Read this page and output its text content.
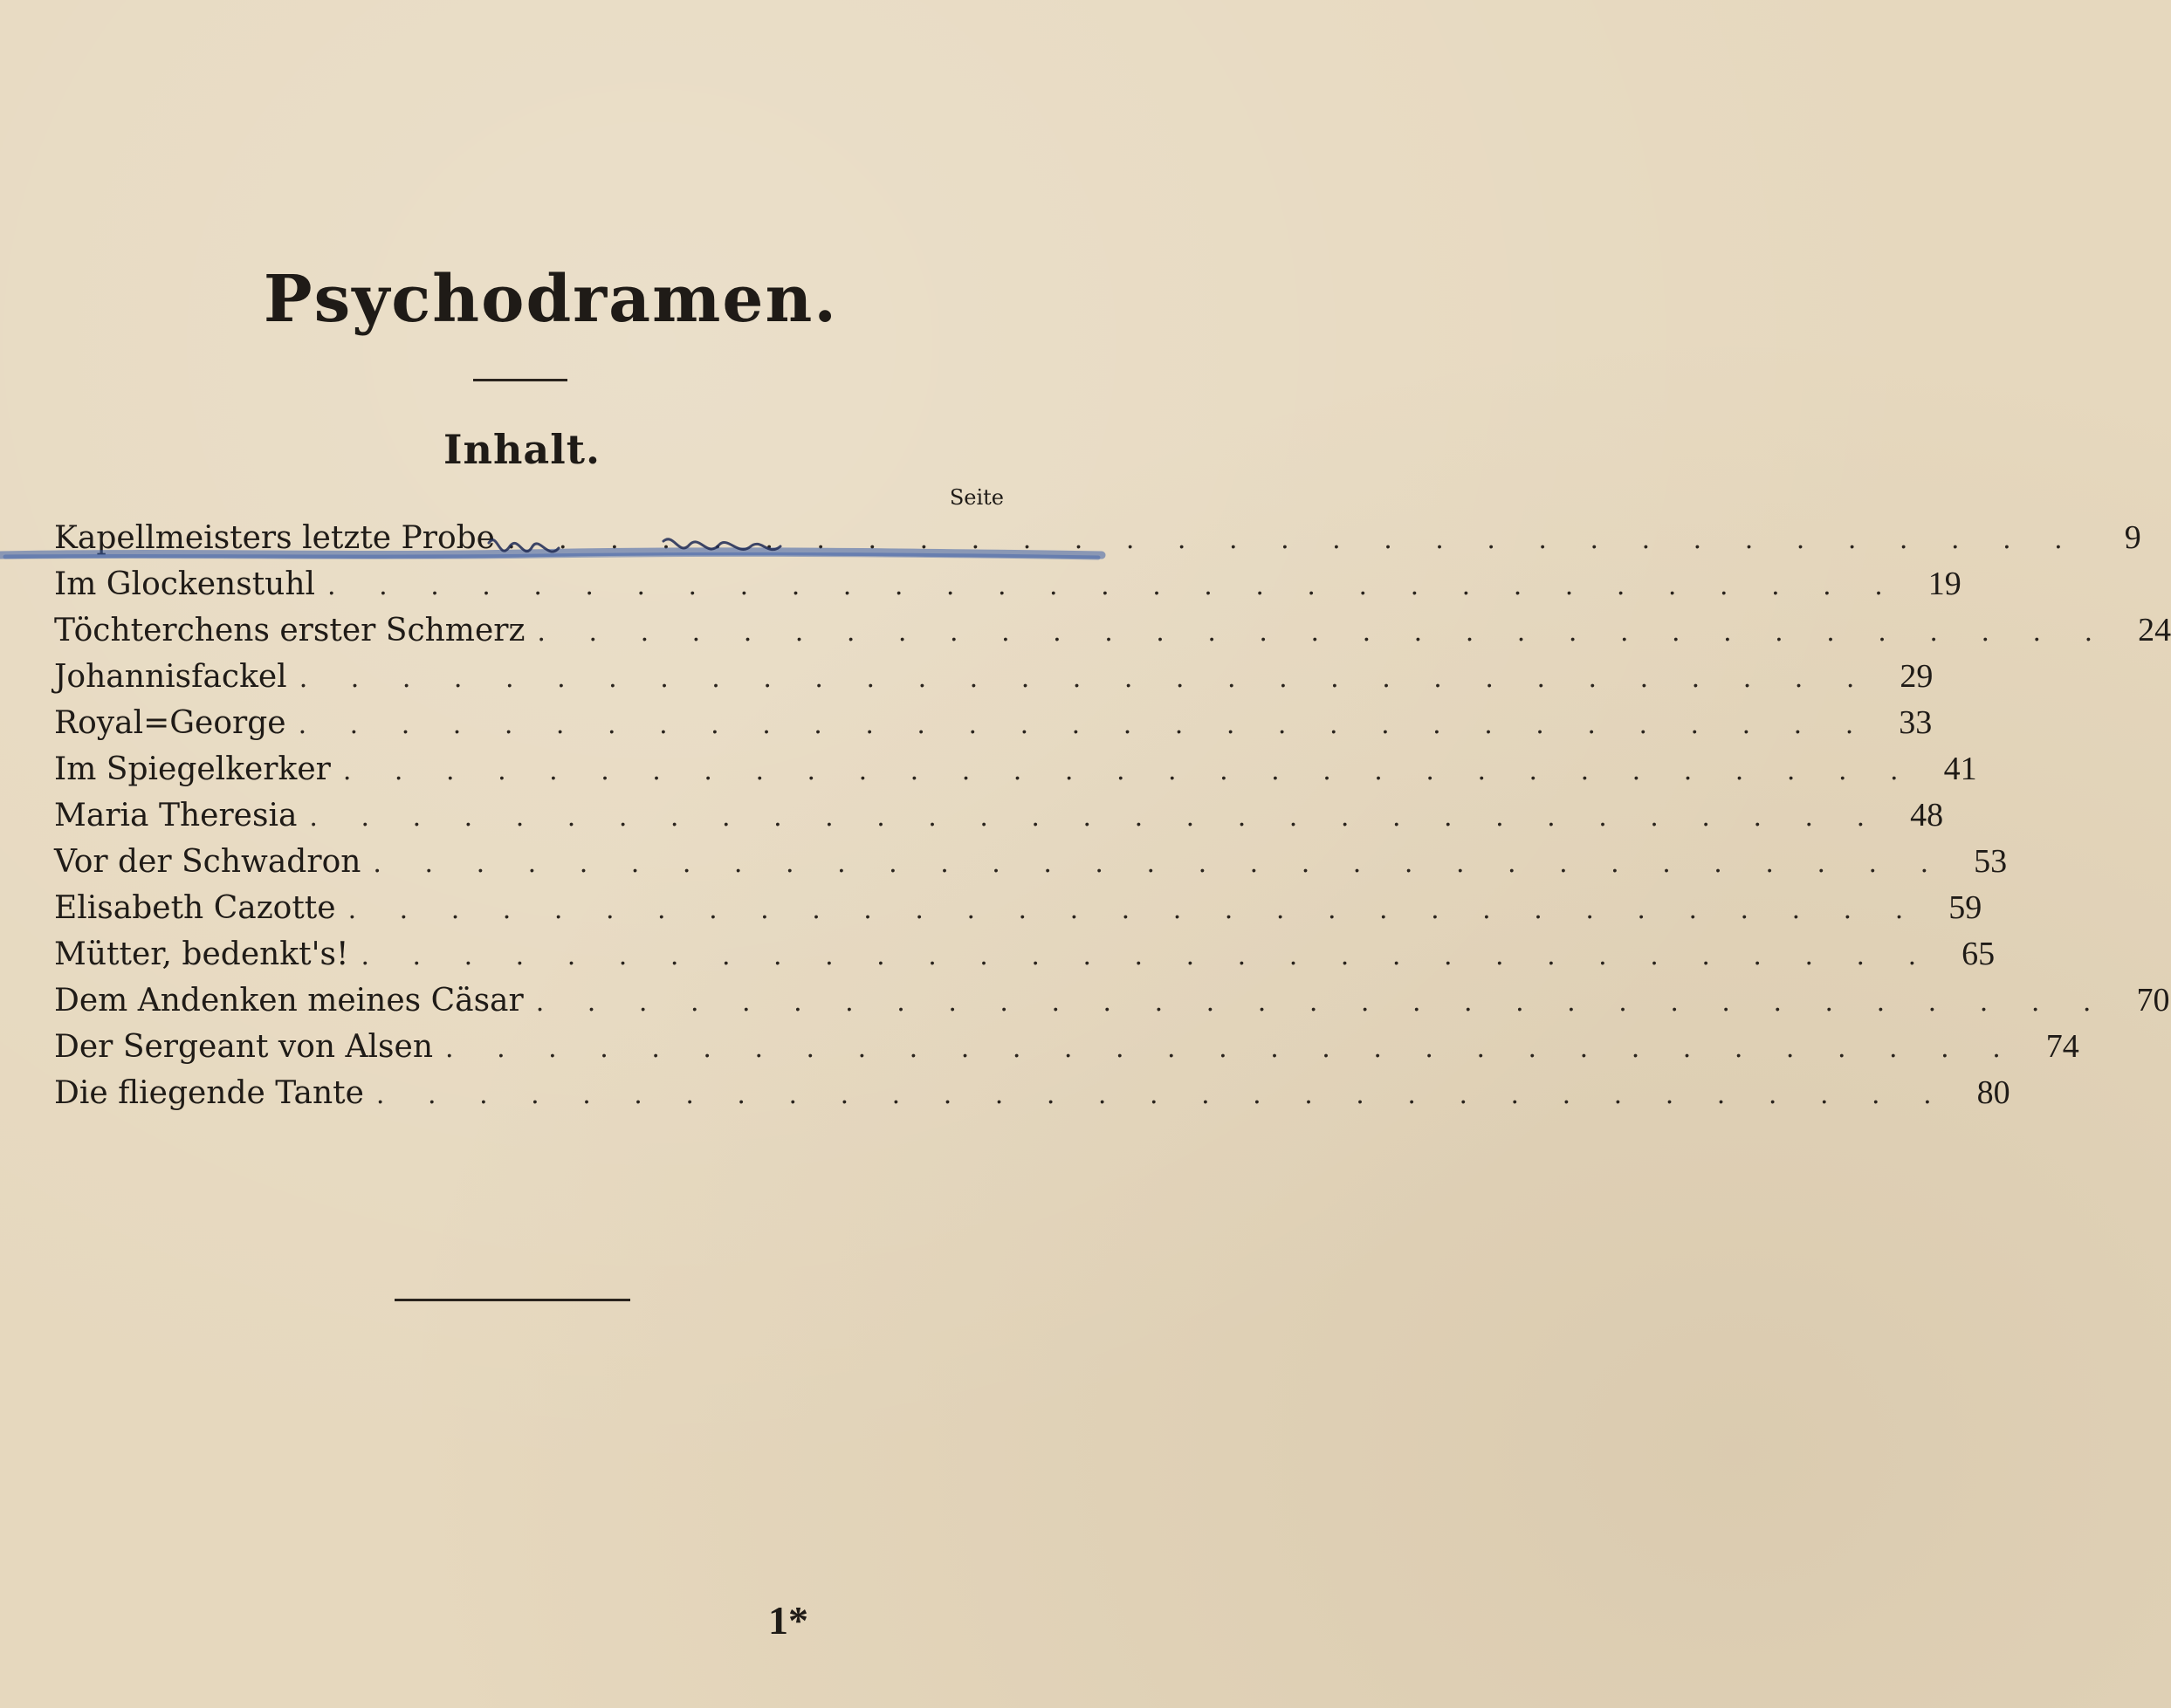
Psychodramen.
Inhalt.
Seite
Kapellmeisters letzte Probe . . . . . . . . . . . . . . . . . . . . . . . . . . . . . . .	9
Im Glockenstuhl . . . . . . . . . . . . . . . . . . . . . . . . . . . . . . . 19
Töchterchens erster Schmerz . . . . . . . . . . . . . . . . . . . . . . . . . . . . . . . 24
Johannisfackel . . . . . . . . . . . . . . . . . . . . . . . . . . . . . . . 29
Royal=George . . . . . . . . . . . . . . . . . . . . . . . . . . . . . . . 33
Im Spiegelkerker . . . . . . . . . . . . . . . . . . . . . . . . . . . . . . . 41
Maria Theresia . . . . . . . . . . . . . . . . . . . . . . . . . . . . . . . 48
Vor der Schwadron . . . . . . . . . . . . . . . . . . . . . . . . . . . . . . . 53
Elisabeth Cazotte . . . . . . . . . . . . . . . . . . . . . . . . . . . . . . . 59
Mütter, bedenkt's! . . . . . . . . . . . . . . . . . . . . . . . . . . . . . . . 65
Dem Andenken meines Cäsar . . . . . . . . . . . . . . . . . . . . . . . . . . . . . . . 70
Der Sergeant von Alsen . . . . . . . . . . . . . . . . . . . . . . . . . . . . . . . 74
Die fliegende Tante . . . . . . . . . . . . . . . . . . . . . . . . . . . . . . . 80
1*
